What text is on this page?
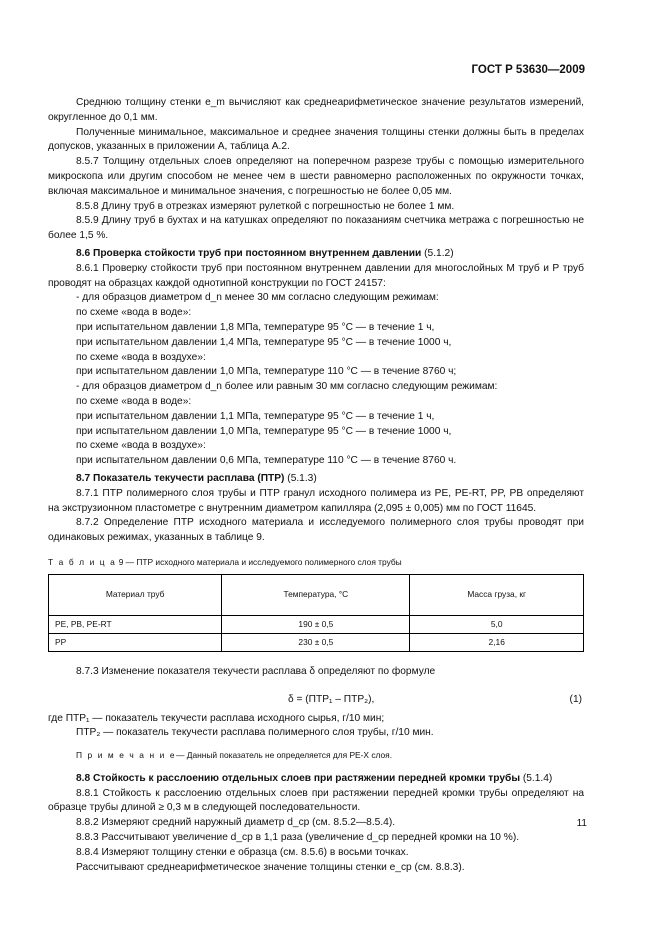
ГОСТ Р 53630—2009

Среднюю толщину стенки e_m вычисляют как среднеарифметическое значение результатов измерений, округленное до 0,1 мм.

Полученные минимальное, максимальное и среднее значения толщины стенки должны быть в пределах допусков, указанных в приложении А, таблица А.2.

8.5.7 Толщину отдельных слоев определяют на поперечном разрезе трубы с помощью измерительного микроскопа или другим способом не менее чем в шести равномерно расположенных по окружности точках, включая максимальное и минимальное значения, с погрешностью не более 0,05 мм.

8.5.8 Длину труб в отрезках измеряют рулеткой с погрешностью не более 1 мм.

8.5.9 Длину труб в бухтах и на катушках определяют по показаниям счетчика метража с погрешностью не более 1,5 %.

8.6 Проверка стойкости труб при постоянном внутреннем давлении (5.1.2)

8.6.1 Проверку стойкости труб при постоянном внутреннем давлении для многослойных М труб и Р труб проводят на образцах каждой однотипной конструкции по ГОСТ 24157:

- для образцов диаметром d_n менее 30 мм согласно следующим режимам:

по схеме «вода в воде»:

при испытательном давлении 1,8 МПа, температуре 95 °С — в течение 1 ч,

при испытательном давлении 1,4 МПа, температуре 95 °С — в течение 1000 ч,

по схеме «вода в воздухе»:

при испытательном давлении 1,0 МПа, температуре 110 °С — в течение 8760 ч;

- для образцов диаметром d_n более или равным 30 мм согласно следующим режимам:

по схеме «вода в воде»:

при испытательном давлении 1,1 МПа, температуре 95 °С — в течение 1 ч,

при испытательном давлении 1,0 МПа, температуре 95 °С — в течение 1000 ч,

по схеме «вода в воздухе»:

при испытательном давлении 0,6 МПа, температуре 110 °С — в течение 8760 ч.

8.7 Показатель текучести расплава (ПТР) (5.1.3)

8.7.1 ПТР полимерного слоя трубы и ПТР гранул исходного полимера из PE, PE-RT, PP, PB определяют на экструзионном пластометре с внутренним диаметром капилляра (2,095 ± 0,005) мм по ГОСТ 11645.

8.7.2 Определение ПТР исходного материала и исследуемого полимерного слоя трубы проводят при одинаковых режимах, указанных в таблице 9.

Т а б л и ц а 9 — ПТР исходного материала и исследуемого полимерного слоя трубы

Материал труб	Температура, °С	Масса груза, кг
PE, PB, PE-RT	190 ± 0,5	5,0
PP	230 ± 0,5	2,16

8.7.3 Изменение показателя текучести расплава δ определяют по формуле

δ = (ПТР₁ – ПТР₂),	(1)

где ПТР₁ — показатель текучести расплава исходного сырья, г/10 мин;

ПТР₂ — показатель текучести расплава полимерного слоя трубы, г/10 мин.

П р и м е ч а н и е— Данный показатель не определяется для PE-X слоя.

8.8 Стойкость к расслоению отдельных слоев при растяжении передней кромки трубы (5.1.4)

8.8.1 Стойкость к расслоению отдельных слоев при растяжении передней кромки трубы определяют на образце трубы длиной ≥ 0,3 м в следующей последовательности.

8.8.2 Измеряют средний наружный диаметр d_ср (см. 8.5.2—8.5.4).

8.8.3 Рассчитывают увеличение d_ср в 1,1 раза (увеличение d_ср передней кромки на 10 %).

8.8.4 Измеряют толщину стенки e образца (см. 8.5.6) в восьми точках.

Рассчитывают среднеарифметическое значение толщины стенки e_ср (см. 8.8.3).

11
